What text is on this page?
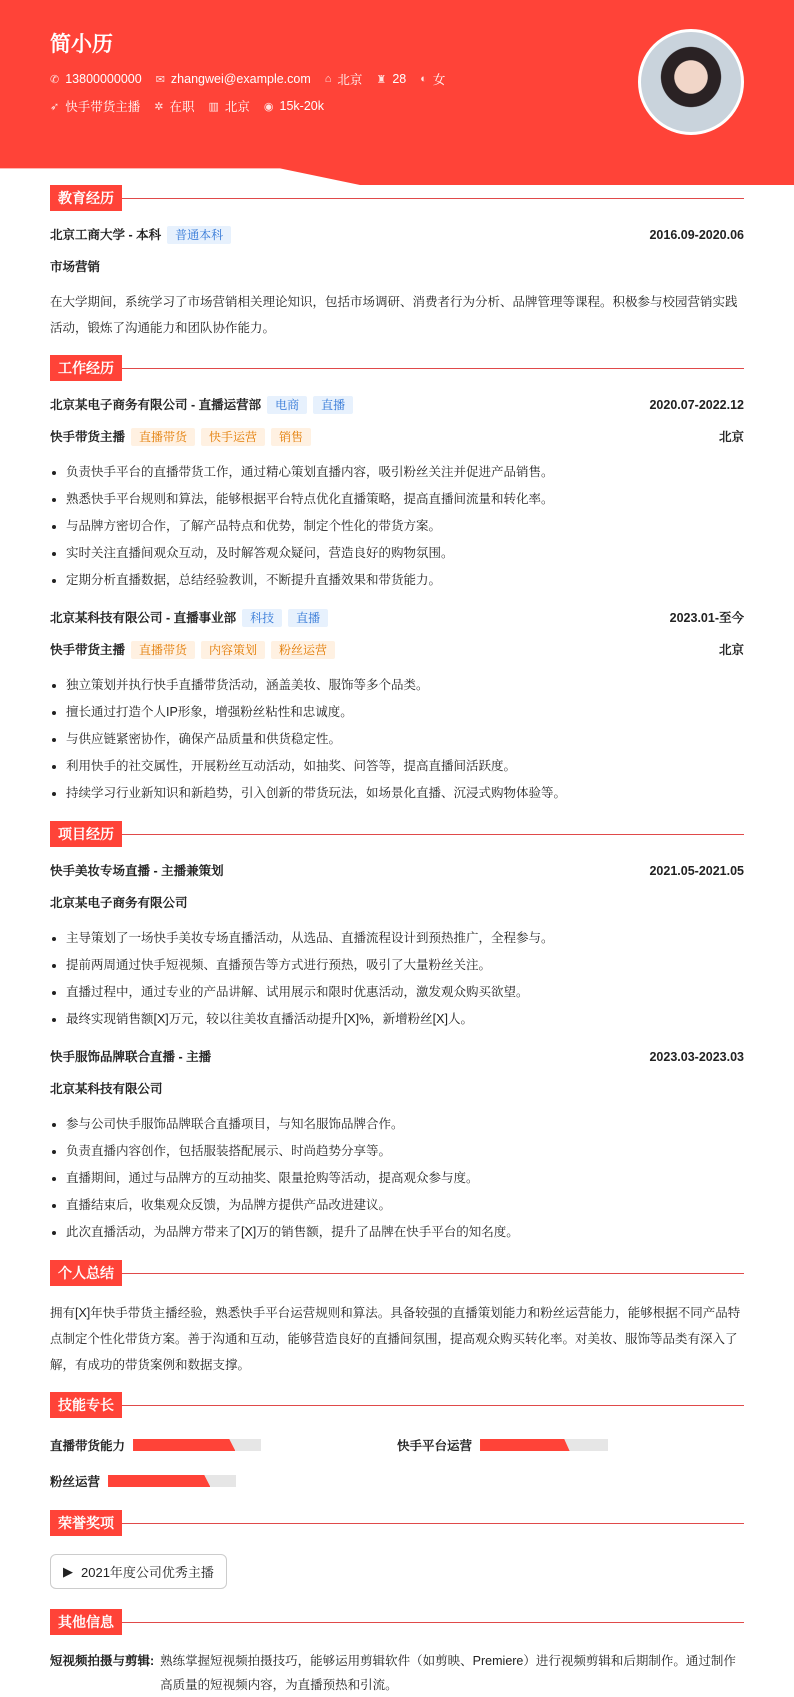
简小历
✆ 13800000000 ✉ zhangwei@example.com ⌂ 北京 ♜ 28 ◐ 女
➶ 快手带货主播 ✲ 在职 ▥ 北京 ◉ 15k-20k
教育经历
北京工商大学 - 本科 普通本科	2016.09-2020.06
市场营销

在大学期间，系统学习了市场营销相关理论知识，包括市场调研、消费者行为分析、品牌管理等课程。积极参与校园营销实践活动，锻炼了沟通能力和团队协作能力。

工作经历
北京某电子商务有限公司 - 直播运营部 电商 直播	2020.07-2022.12
快手带货主播 直播带货 快手运营 销售	北京
负责快手平台的直播带货工作，通过精心策划直播内容，吸引粉丝关注并促进产品销售。
熟悉快手平台规则和算法，能够根据平台特点优化直播策略，提高直播间流量和转化率。
与品牌方密切合作，了解产品特点和优势，制定个性化的带货方案。
实时关注直播间观众互动，及时解答观众疑问，营造良好的购物氛围。
定期分析直播数据，总结经验教训，不断提升直播效果和带货能力。
北京某科技有限公司 - 直播事业部 科技 直播	2023.01-至今
快手带货主播 直播带货 内容策划 粉丝运营	北京
独立策划并执行快手直播带货活动，涵盖美妆、服饰等多个品类。
擅长通过打造个人IP形象，增强粉丝粘性和忠诚度。
与供应链紧密协作，确保产品质量和供货稳定性。
利用快手的社交属性，开展粉丝互动活动，如抽奖、问答等，提高直播间活跃度。
持续学习行业新知识和新趋势，引入创新的带货玩法，如场景化直播、沉浸式购物体验等。
项目经历
快手美妆专场直播 - 主播兼策划	2021.05-2021.05
北京某电子商务有限公司
主导策划了一场快手美妆专场直播活动，从选品、直播流程设计到预热推广，全程参与。
提前两周通过快手短视频、直播预告等方式进行预热，吸引了大量粉丝关注。
直播过程中，通过专业的产品讲解、试用展示和限时优惠活动，激发观众购买欲望。
最终实现销售额[X]万元，较以往美妆直播活动提升[X]%，新增粉丝[X]人。
快手服饰品牌联合直播 - 主播	2023.03-2023.03
北京某科技有限公司
参与公司快手服饰品牌联合直播项目，与知名服饰品牌合作。
负责直播内容创作，包括服装搭配展示、时尚趋势分享等。
直播期间，通过与品牌方的互动抽奖、限量抢购等活动，提高观众参与度。
直播结束后，收集观众反馈，为品牌方提供产品改进建议。
此次直播活动，为品牌方带来了[X]万的销售额，提升了品牌在快手平台的知名度。
个人总结

拥有[X]年快手带货主播经验，熟悉快手平台运营规则和算法。具备较强的直播策划能力和粉丝运营能力，能够根据不同产品特点制定个性化带货方案。善于沟通和互动，能够营造良好的直播间氛围，提高观众购买转化率。对美妆、服饰等品类有深入了解，有成功的带货案例和数据支撑。

技能专长
直播带货能力	快手平台运营
粉丝运营
荣誉奖项
▶ 2021年度公司优秀主播
其他信息
短视频拍摄与剪辑: 熟练掌握短视频拍摄技巧，能够运用剪辑软件（如剪映、Premiere）进行视频剪辑和后期制作。通过制作高质量的短视频内容，为直播预热和引流。
